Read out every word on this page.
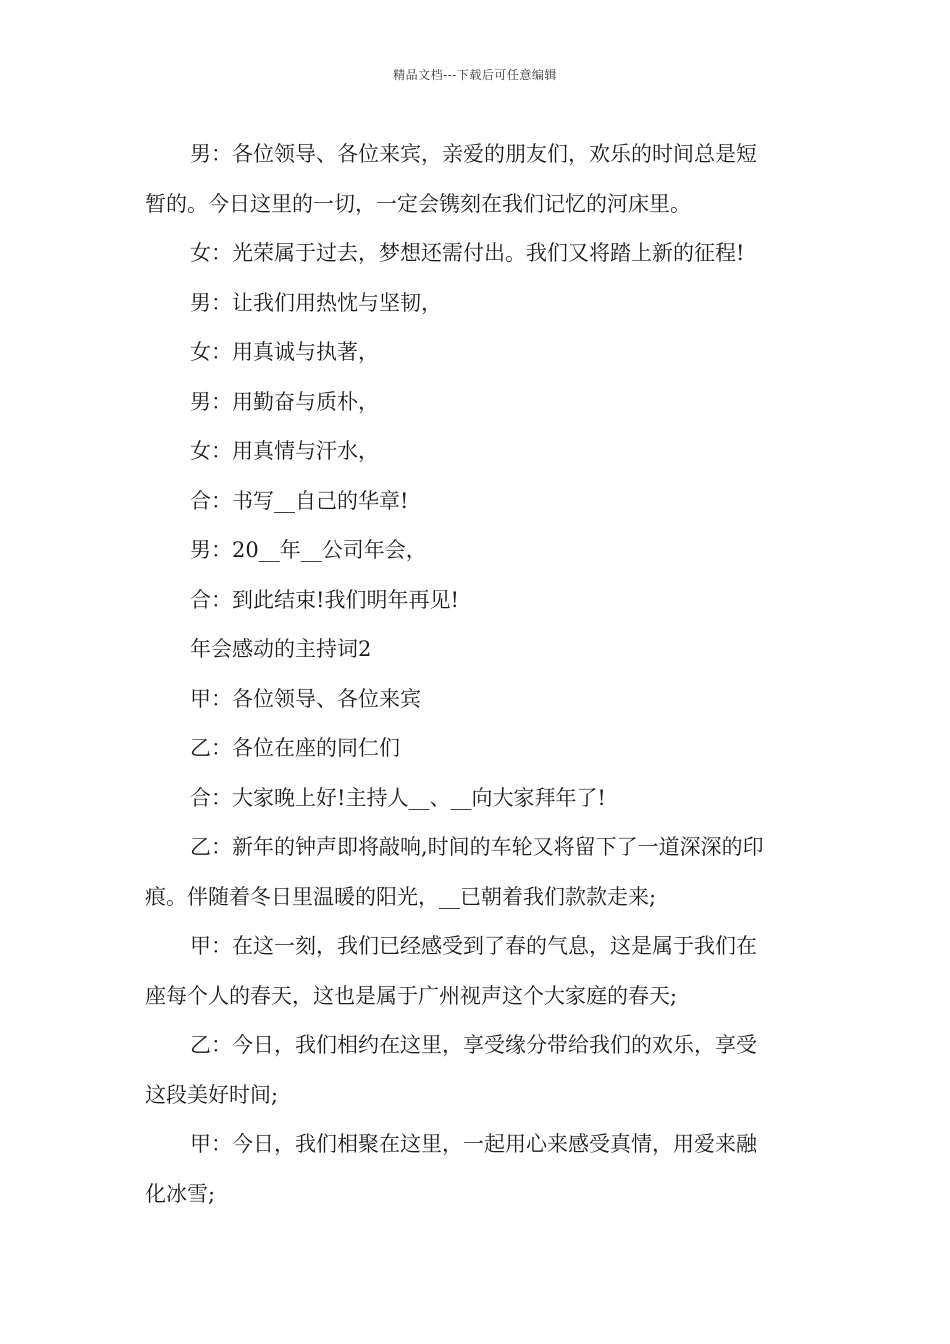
精品文档---下载后可任意编辑

男：各位领导、各位来宾，亲爱的朋友们，欢乐的时间总是短

暂的。今日这里的一切，一定会镌刻在我们记忆的河床里。

女：光荣属于过去，梦想还需付出。我们又将踏上新的征程!

男：让我们用热忱与坚韧，

女：用真诚与执著，

男：用勤奋与质朴，

女：用真情与汗水，

合：书写__自己的华章!

男：20__年__公司年会，

合：到此结束!我们明年再见!

年会感动的主持词2

甲：各位领导、各位来宾

乙：各位在座的同仁们

合：大家晚上好!主持人__、__向大家拜年了!

乙：新年的钟声即将敲响,时间的车轮又将留下了一道深深的印

痕。伴随着冬日里温暖的阳光，__已朝着我们款款走来;

甲：在这一刻，我们已经感受到了春的气息，这是属于我们在

座每个人的春天，这也是属于广州视声这个大家庭的春天;

乙：今日，我们相约在这里，享受缘分带给我们的欢乐，享受

这段美好时间;

甲：今日，我们相聚在这里，一起用心来感受真情，用爱来融

化冰雪;
